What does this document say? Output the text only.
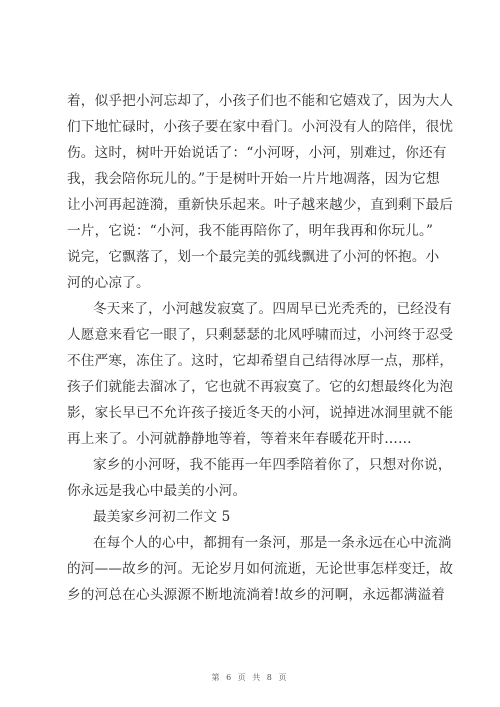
着，似乎把小河忘却了，小孩子们也不能和它嬉戏了，因为大人
们下地忙碌时，小孩子要在家中看门。小河没有人的陪伴，很忧
伤。这时，树叶开始说话了：“小河呀，小河，别难过，你还有
我，我会陪你玩儿的。”于是树叶开始一片片地凋落，因为它想
让小河再起涟漪，重新快乐起来。叶子越来越少，直到剩下最后
一片，它说：“小河，我不能再陪你了，明年我再和你玩儿。”
说完，它飘落了，划一个最完美的弧线飘进了小河的怀抱。小
河的心凉了。
冬天来了，小河越发寂寞了。四周早已光秃秃的，已经没有
人愿意来看它一眼了，只剩瑟瑟的北风呼啸而过，小河终于忍受
不住严寒，冻住了。这时，它却希望自己结得冰厚一点，那样，
孩子们就能去溜冰了，它也就不再寂寞了。它的幻想最终化为泡
影，家长早已不允许孩子接近冬天的小河，说掉进冰洞里就不能
再上来了。小河就静静地等着，等着来年春暖花开时……
家乡的小河呀，我不能再一年四季陪着你了，只想对你说，
你永远是我心中最美的小河。
最美家乡河初二作文 5
在每个人的心中，都拥有一条河，那是一条永远在心中流淌
的河——故乡的河。无论岁月如何流逝，无论世事怎样变迁，故
乡的河总在心头源源不断地流淌着!故乡的河啊，永远都满溢着
第 6 页 共 8 页
